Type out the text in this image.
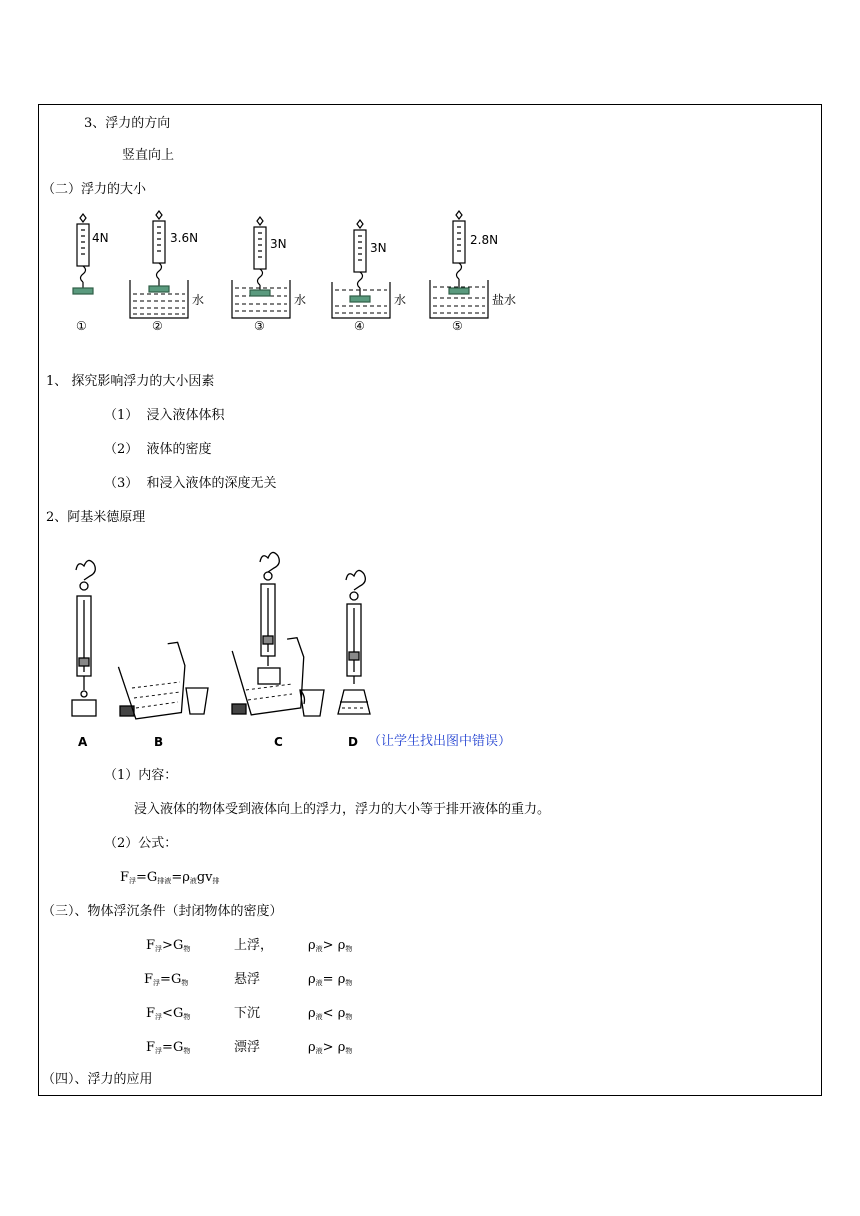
3、浮力的方向
竖直向上
（二）浮力的大小
4N	3.6N	3N	3N
2.8N
水	水	水	盐水
①	②	③	④	⑤
1、 探究影响浮力的大小因素
（1） 浸入液体体积
（2） 液体的密度
（3） 和浸入液体的深度无关
2、阿基米德原理
A	B	C	D （让学生找出图中错误）
（1）内容：
浸入液体的物体受到液体向上的浮力，浮力的大小等于排开液体的重力。
（2）公式：
$F_浮=G_{排液}=\rho_液gv_排$
（三）、物体浮沉条件（封闭物体的密度）
$F_浮>G_物$	上浮，	$\rho_液> \rho_物$
$F_浮=G_物$	悬浮	$\rho_液= \rho_物$
$F_浮<G_物$	下沉	$\rho_液< \rho_物$
$F_浮=G_物$	漂浮	$\rho_液> \rho_物$
（四）、浮力的应用
